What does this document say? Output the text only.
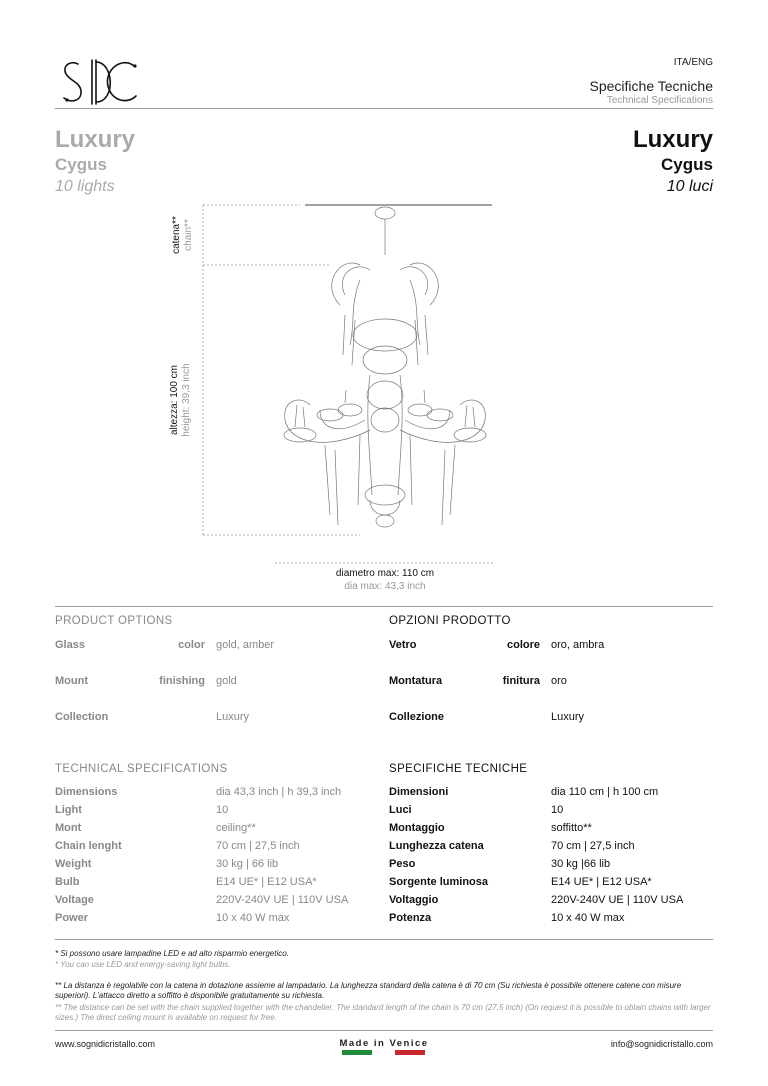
ITA/ENG
Specifiche Tecniche
Technical Specifications
Luxury
Cygus
10 lights
Luxury
Cygus
10 luci
catena** chain**
altezza: 100 cm height: 39,3 inch
diametro max: 110 cm
dia max: 43,3 inch
PRODUCT OPTIONS
Glass	color gold, amber
Mount	finishing gold
Collection	Luxury
OPZIONI PRODOTTO
Vetro	colore oro, ambra
Montatura	finitura oro
Collezione	Luxury
TECHNICAL SPECIFICATIONS
Dimensions	dia 43,3 inch | h 39,3 inch
Light	10
Mont	ceiling**
Chain lenght	70 cm | 27,5 inch
Weight	30 kg | 66 lib
Bulb	E14 UE* | E12 USA*
Voltage	220V-240V UE | 110V USA
Power	10 x 40 W max
SPECIFICHE TECNICHE
Dimensioni	dia 110 cm | h 100 cm
Luci	10
Montaggio	soffitto**
Lunghezza catena	70 cm | 27,5 inch
Peso	30 kg |66 lib
Sorgente luminosa	E14 UE* | E12 USA*
Voltaggio	220V-240V UE | 110V USA
Potenza	10 x 40 W max
* Si possono usare lampadine LED e ad alto risparmio energetico.
* You can use LED and energy-saving light bulbs.
** La distanza è regolabile con la catena in dotazione assieme al lampadario. La lunghezza standard della catena è di 70 cm (Su richiesta è possibile ottenere catene con misure superiori). L'attacco diretto a soffitto è disponibile gratuitamente su richiesta.
** The distance can be set with the chain supplied together with the chandelier. The standard length of the chain is 70 cm (27,5 inch) (On request it is possible to obtain chains with larger sizes.) The direct ceiling mount is available on request for free.
www.sognidicristallo.com	Made in Venice	info@sognidicristallo.com
